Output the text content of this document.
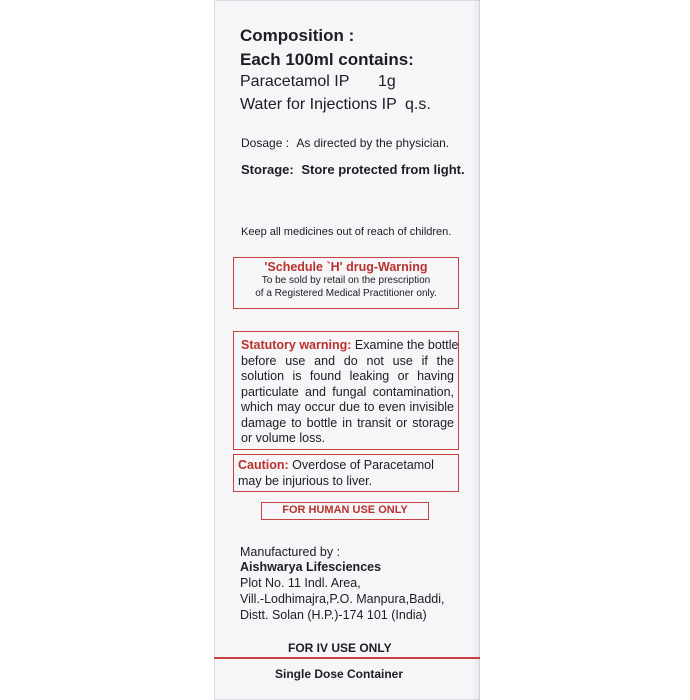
Composition :
Each 100ml contains:
Paracetamol IP 1g
Water for Injections IP q.s.
Dosage : As directed by the physician.
Storage: Store protected from light.
Keep all medicines out of reach of children.
'Schedule `H' drug-Warning
To be sold by retail on the prescription
of a Registered Medical Practitioner only.
Statutory warning: Examine the bottle
before use and do not use if the
solution is found leaking or having
particulate and fungal contamination,
which may occur due to even invisible
damage to bottle in transit or storage
or volume loss.
Caution: Overdose of Paracetamol
may be injurious to liver.
FOR HUMAN USE ONLY
Manufactured by :
Aishwarya Lifesciences
Plot No. 11 Indl. Area,
Vill.-Lodhimajra,P.O. Manpura,Baddi,
Distt. Solan (H.P.)-174 101 (India)
FOR IV USE ONLY
Single Dose Container
